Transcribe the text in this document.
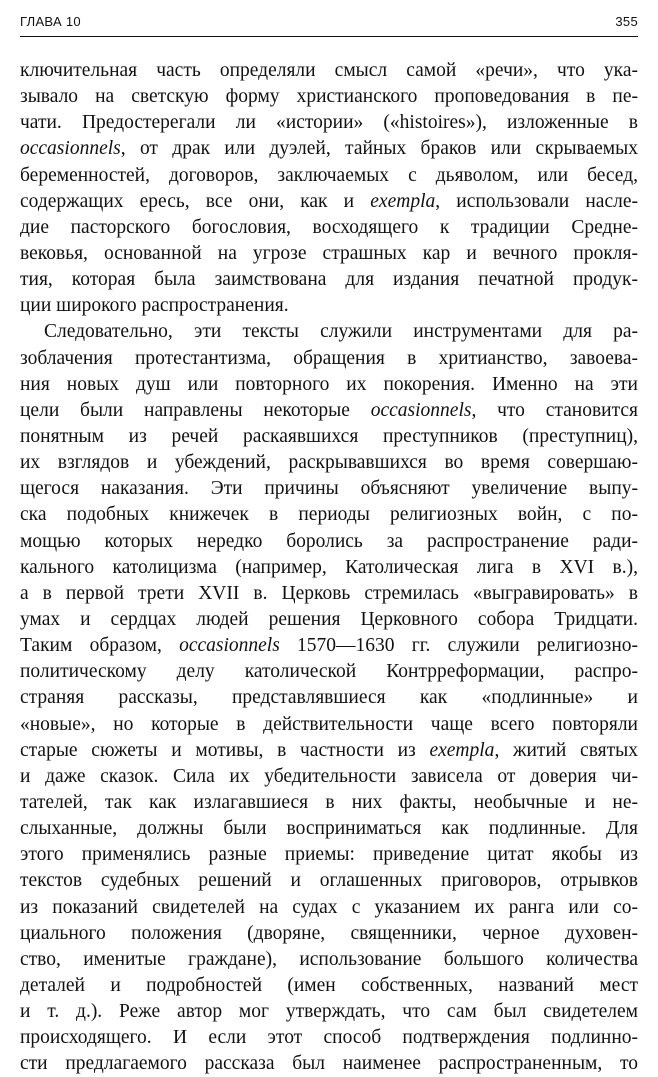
ГЛАВА 10	355
ключительная часть определяли смысл самой «речи», что ука-
зывало на светскую форму христианского проповедования в пе-
чати. Предостерегали ли «истории» («histoires»), изложенные в
occasionnels, от драк или дуэлей, тайных браков или скрываемых
беременностей, договоров, заключаемых с дьяволом, или бесед,
содержащих ересь, все они, как и exempla, использовали насле-
дие пасторского богословия, восходящего к традиции Средне-
вековья, основанной на угрозе страшных кар и вечного прокля-
тия, которая была заимствована для издания печатной продук-
ции широкого распространения.
Следовательно, эти тексты служили инструментами для ра-
зоблачения протестантизма, обращения в хритианство, завоева-
ния новых душ или повторного их покорения. Именно на эти
цели были направлены некоторые occasionnels, что становится
понятным из речей раскаявшихся преступников (преступниц),
их взглядов и убеждений, раскрывавшихся во время совершаю-
щегося наказания. Эти причины объясняют увеличение выпу-
ска подобных книжечек в периоды религиозных войн, с по-
мощью которых нередко боролись за распространение ради-
кального католицизма (например, Католическая лига в XVI в.),
а в первой трети XVII в. Церковь стремилась «выгравировать» в
умах и сердцах людей решения Церковного собора Тридцати.
Таким образом, occasionnels 1570—1630 гг. служили религиозно-
политическому делу католической Контрреформации, распро-
страняя рассказы, представлявшиеся как «подлинные» и
«новые», но которые в действительности чаще всего повторяли
старые сюжеты и мотивы, в частности из exempla, житий святых
и даже сказок. Сила их убедительности зависела от доверия чи-
тателей, так как излагавшиеся в них факты, необычные и не-
слыханные, должны были восприниматься как подлинные. Для
этого применялись разные приемы: приведение цитат якобы из
текстов судебных решений и оглашенных приговоров, отрывков
из показаний свидетелей на судах с указанием их ранга или со-
циального положения (дворяне, священники, черное духовен-
ство, именитые граждане), использование большого количества
деталей и подробностей (имен собственных, названий мест
и т. д.). Реже автор мог утверждать, что сам был свидетелем
происходящего. И если этот способ подтверждения подлинно-
сти предлагаемого рассказа был наименее распространенным, то
